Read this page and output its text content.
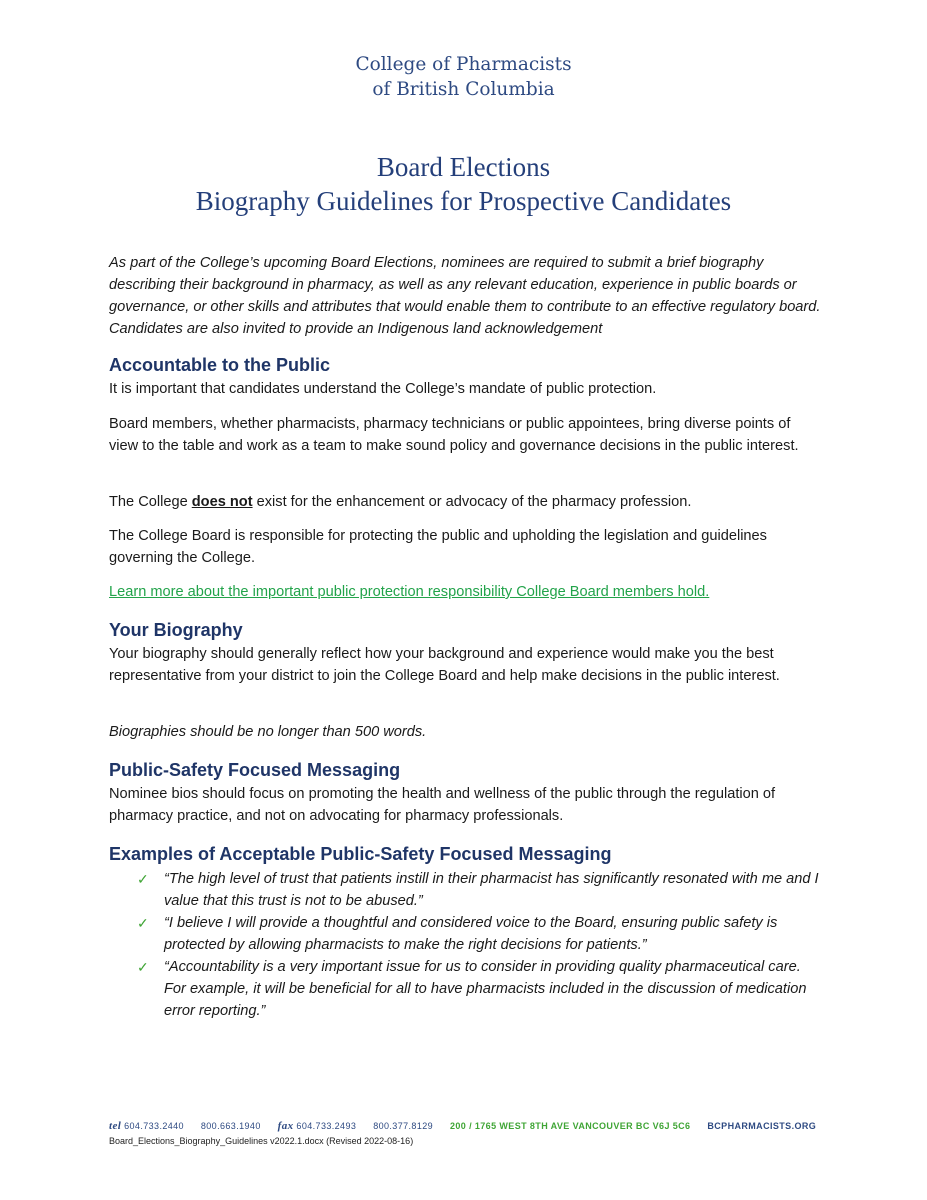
College of Pharmacists
of British Columbia
Board Elections
Biography Guidelines for Prospective Candidates

As part of the College’s upcoming Board Elections, nominees are required to submit a brief biography describing their background in pharmacy, as well as any relevant education, experience in public boards or governance, or other skills and attributes that would enable them to contribute to an effective regulatory board. Candidates are also invited to provide an Indigenous land acknowledgement

Accountable to the Public

It is important that candidates understand the College’s mandate of public protection.

Board members, whether pharmacists, pharmacy technicians or public appointees, bring diverse points of view to the table and work as a team to make sound policy and governance decisions in the public interest.

The College does not exist for the enhancement or advocacy of the pharmacy profession.

The College Board is responsible for protecting the public and upholding the legislation and guidelines governing the College.

Learn more about the important public protection responsibility College Board members hold.

Your Biography

Your biography should generally reflect how your background and experience would make you the best representative from your district to join the College Board and help make decisions in the public interest.

Biographies should be no longer than 500 words.

Public-Safety Focused Messaging

Nominee bios should focus on promoting the health and wellness of the public through the regulation of pharmacy practice, and not on advocating for pharmacy professionals.

Examples of Acceptable Public-Safety Focused Messaging
✓ “The high level of trust that patients instill in their pharmacist has significantly resonated with me and I value that this trust is not to be abused.”
✓ “I believe I will provide a thoughtful and considered voice to the Board, ensuring public safety is protected by allowing pharmacists to make the right decisions for patients.”
✓ “Accountability is a very important issue for us to consider in providing quality pharmaceutical care. For example, it will be beneficial for all to have pharmacists included in the discussion of medication error reporting.”
tel 604.733.2440 800.663.1940 fax 604.733.2493 800.377.8129 200 / 1765 WEST 8TH AVE VANCOUVER BC V6J 5C6 BCPHARMACISTS.ORG
Board_Elections_Biography_Guidelines v2022.1.docx (Revised 2022-08-16)
